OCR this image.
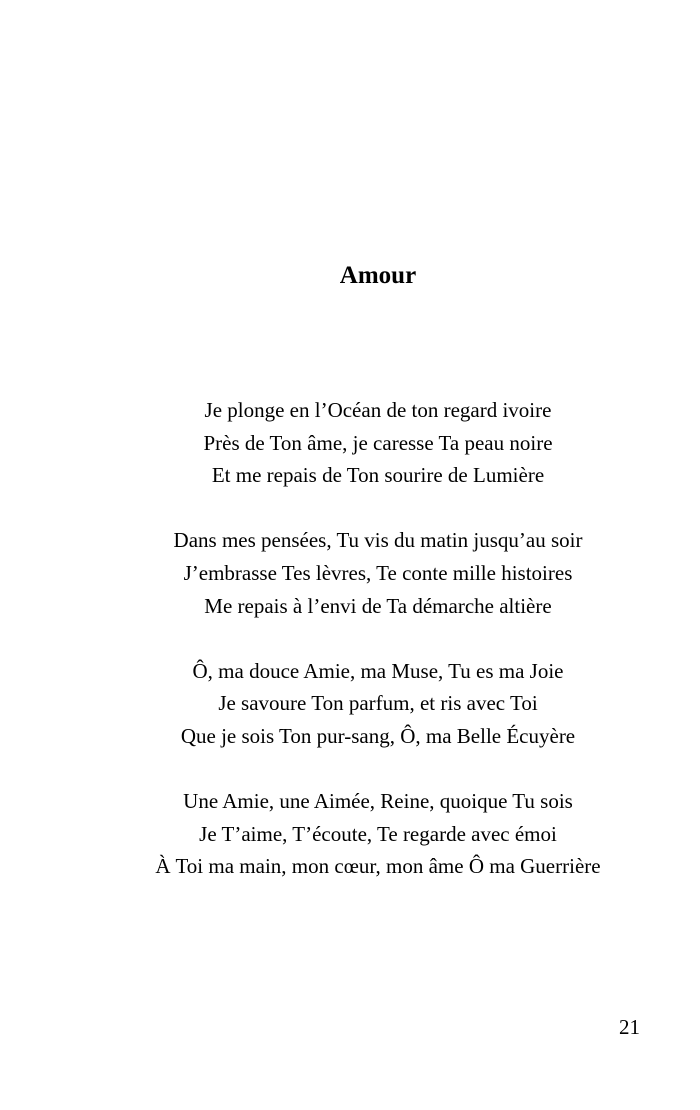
Amour

Je plonge en l’Océan de ton regard ivoire
Près de Ton âme, je caresse Ta peau noire
Et me repais de Ton sourire de Lumière

Dans mes pensées, Tu vis du matin jusqu’au soir
J’embrasse Tes lèvres, Te conte mille histoires
Me repais à l’envi de Ta démarche altière

Ô, ma douce Amie, ma Muse, Tu es ma Joie
Je savoure Ton parfum, et ris avec Toi
Que je sois Ton pur-sang, Ô, ma Belle Écuyère

Une Amie, une Aimée, Reine, quoique Tu sois
Je T’aime, T’écoute, Te regarde avec émoi
À Toi ma main, mon cœur, mon âme Ô ma Guerrière

21
